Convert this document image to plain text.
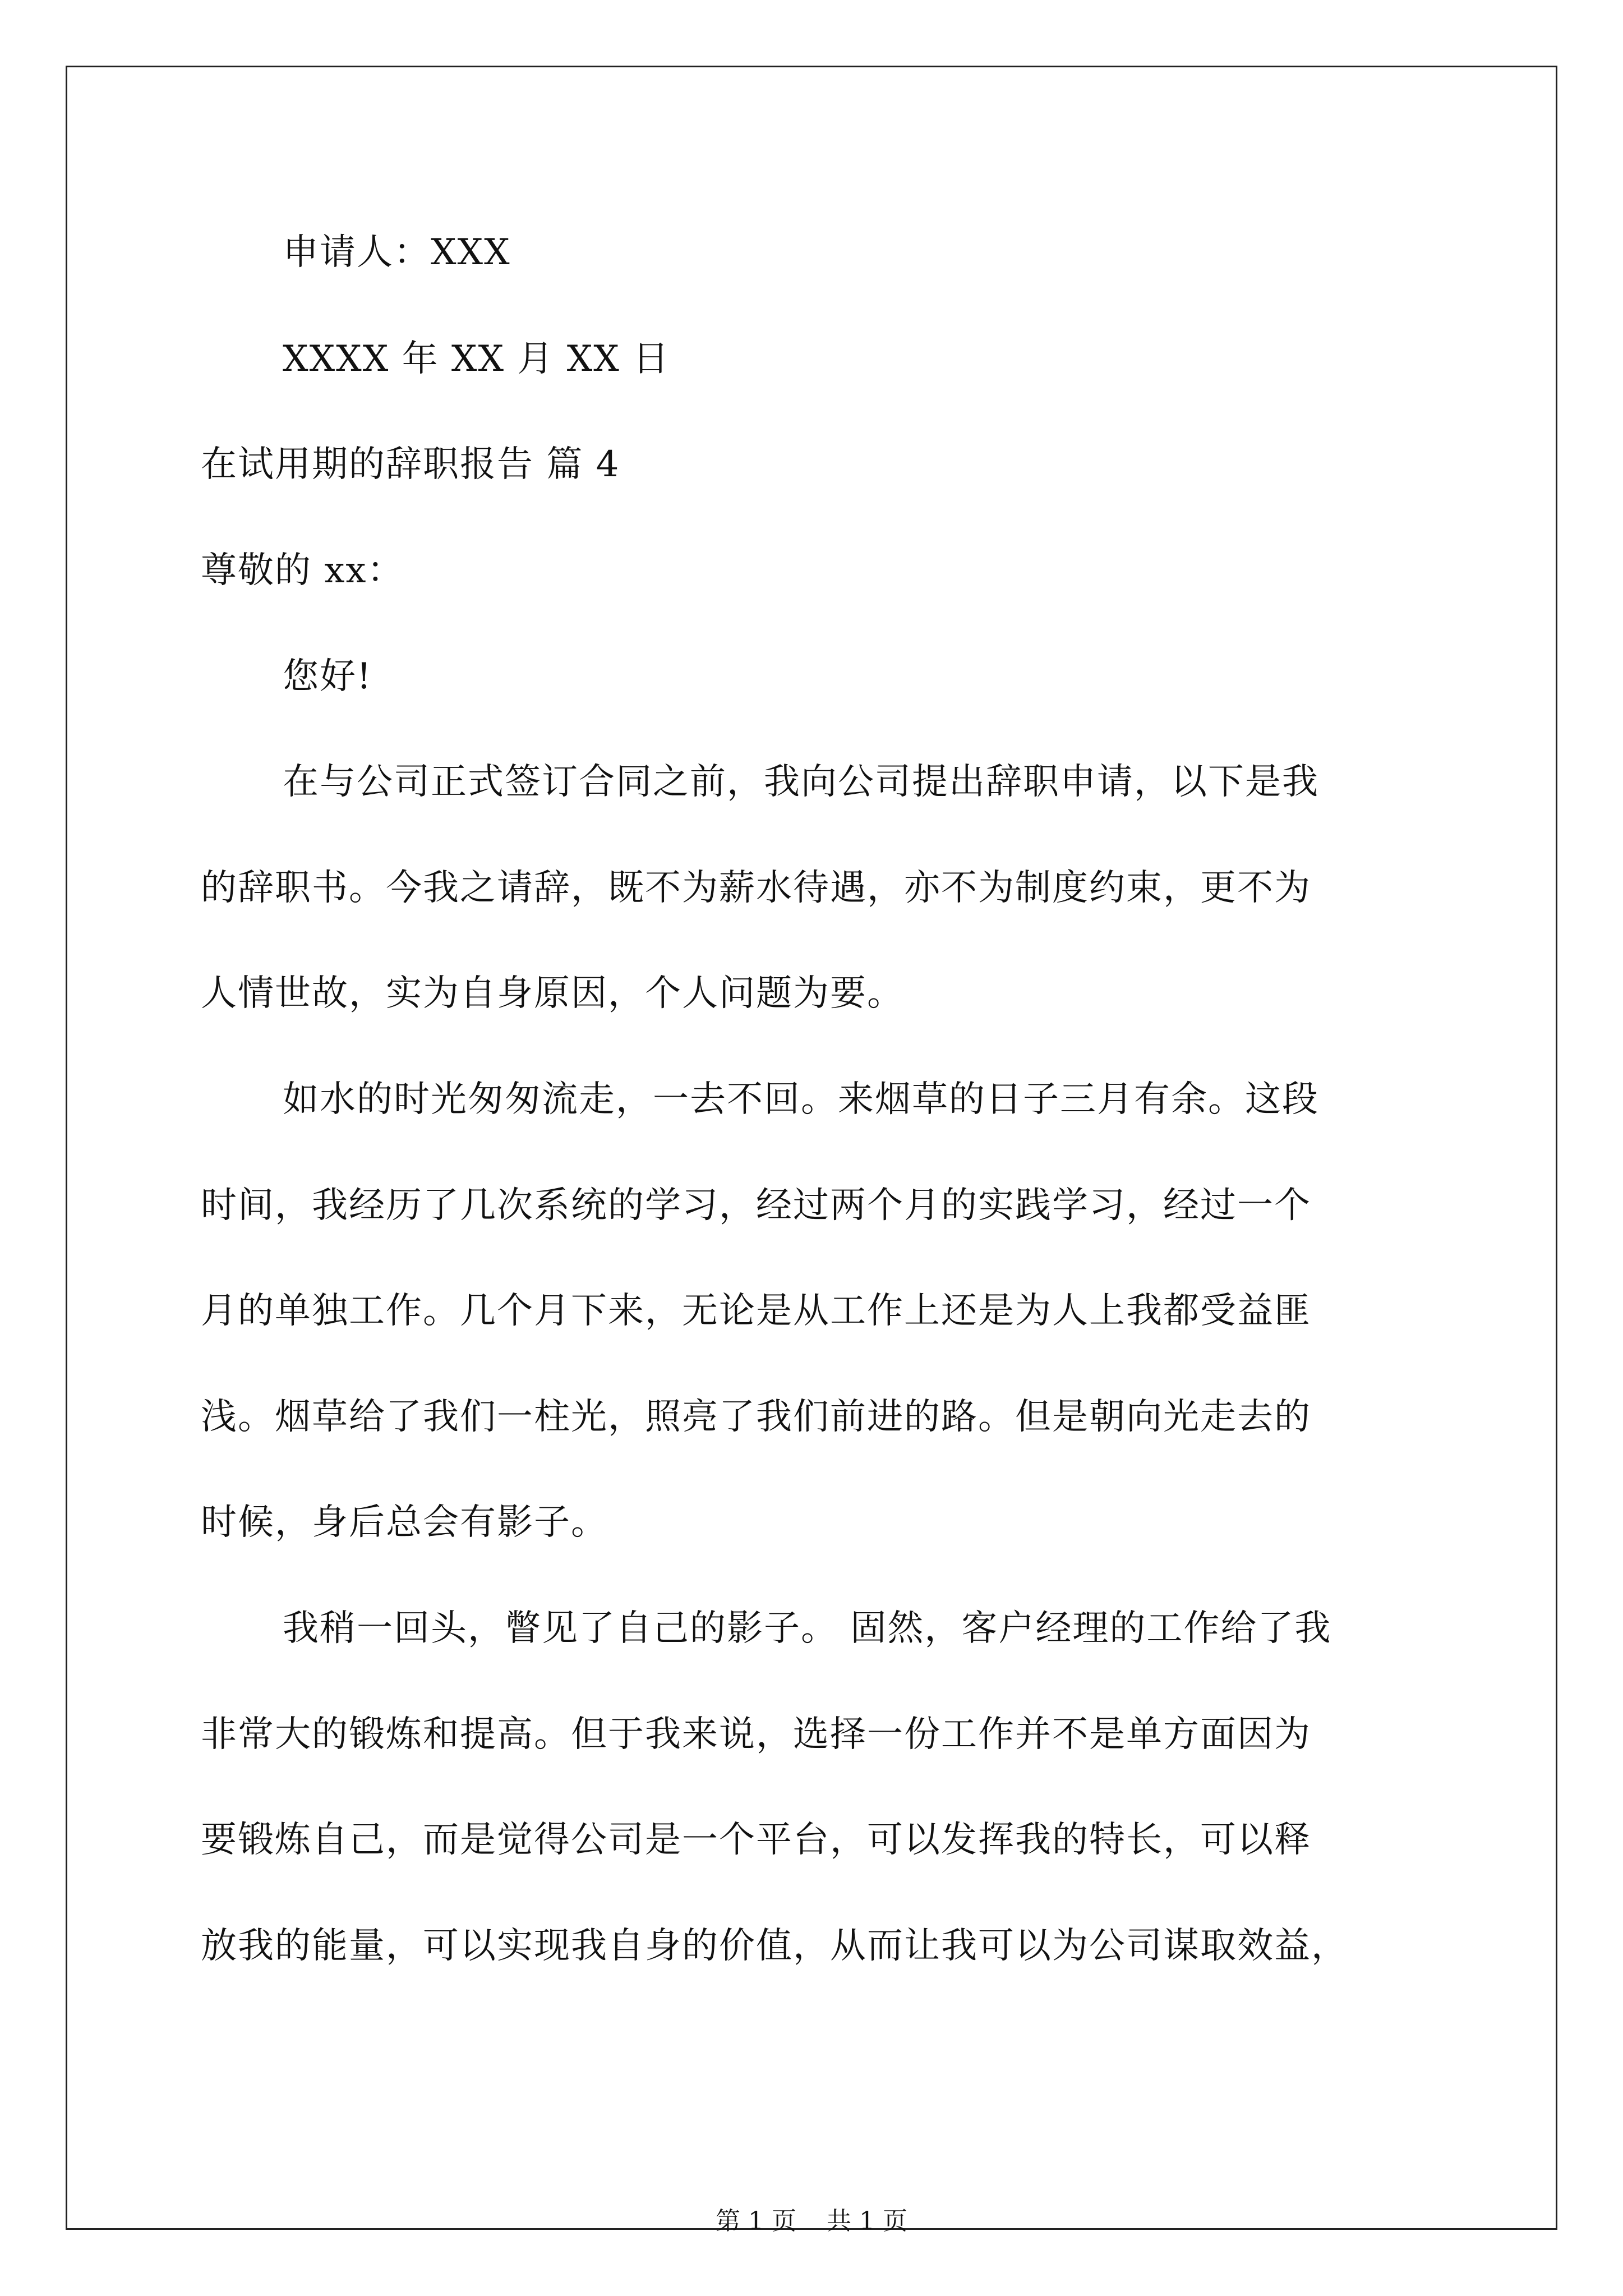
申请人：XXX
XXXX 年 XX 月 XX 日
在试用期的辞职报告 篇 4
尊敬的 xx：
您好!
在与公司正式签订合同之前，我向公司提出辞职申请，以下是我
的辞职书。今我之请辞，既不为薪水待遇，亦不为制度约束，更不为
人情世故，实为自身原因，个人问题为要。
如水的时光匆匆流走，一去不回。来烟草的日子三月有余。这段
时间，我经历了几次系统的学习，经过两个月的实践学习，经过一个
月的单独工作。几个月下来，无论是从工作上还是为人上我都受益匪
浅。烟草给了我们一柱光，照亮了我们前进的路。但是朝向光走去的
时候，身后总会有影子。
我稍一回头，瞥见了自己的影子。 固然，客户经理的工作给了我
非常大的锻炼和提高。但于我来说，选择一份工作并不是单方面因为
要锻炼自己，而是觉得公司是一个平台，可以发挥我的特长，可以释
放我的能量，可以实现我自身的价值，从而让我可以为公司谋取效益，
第 1 页 共 1 页
